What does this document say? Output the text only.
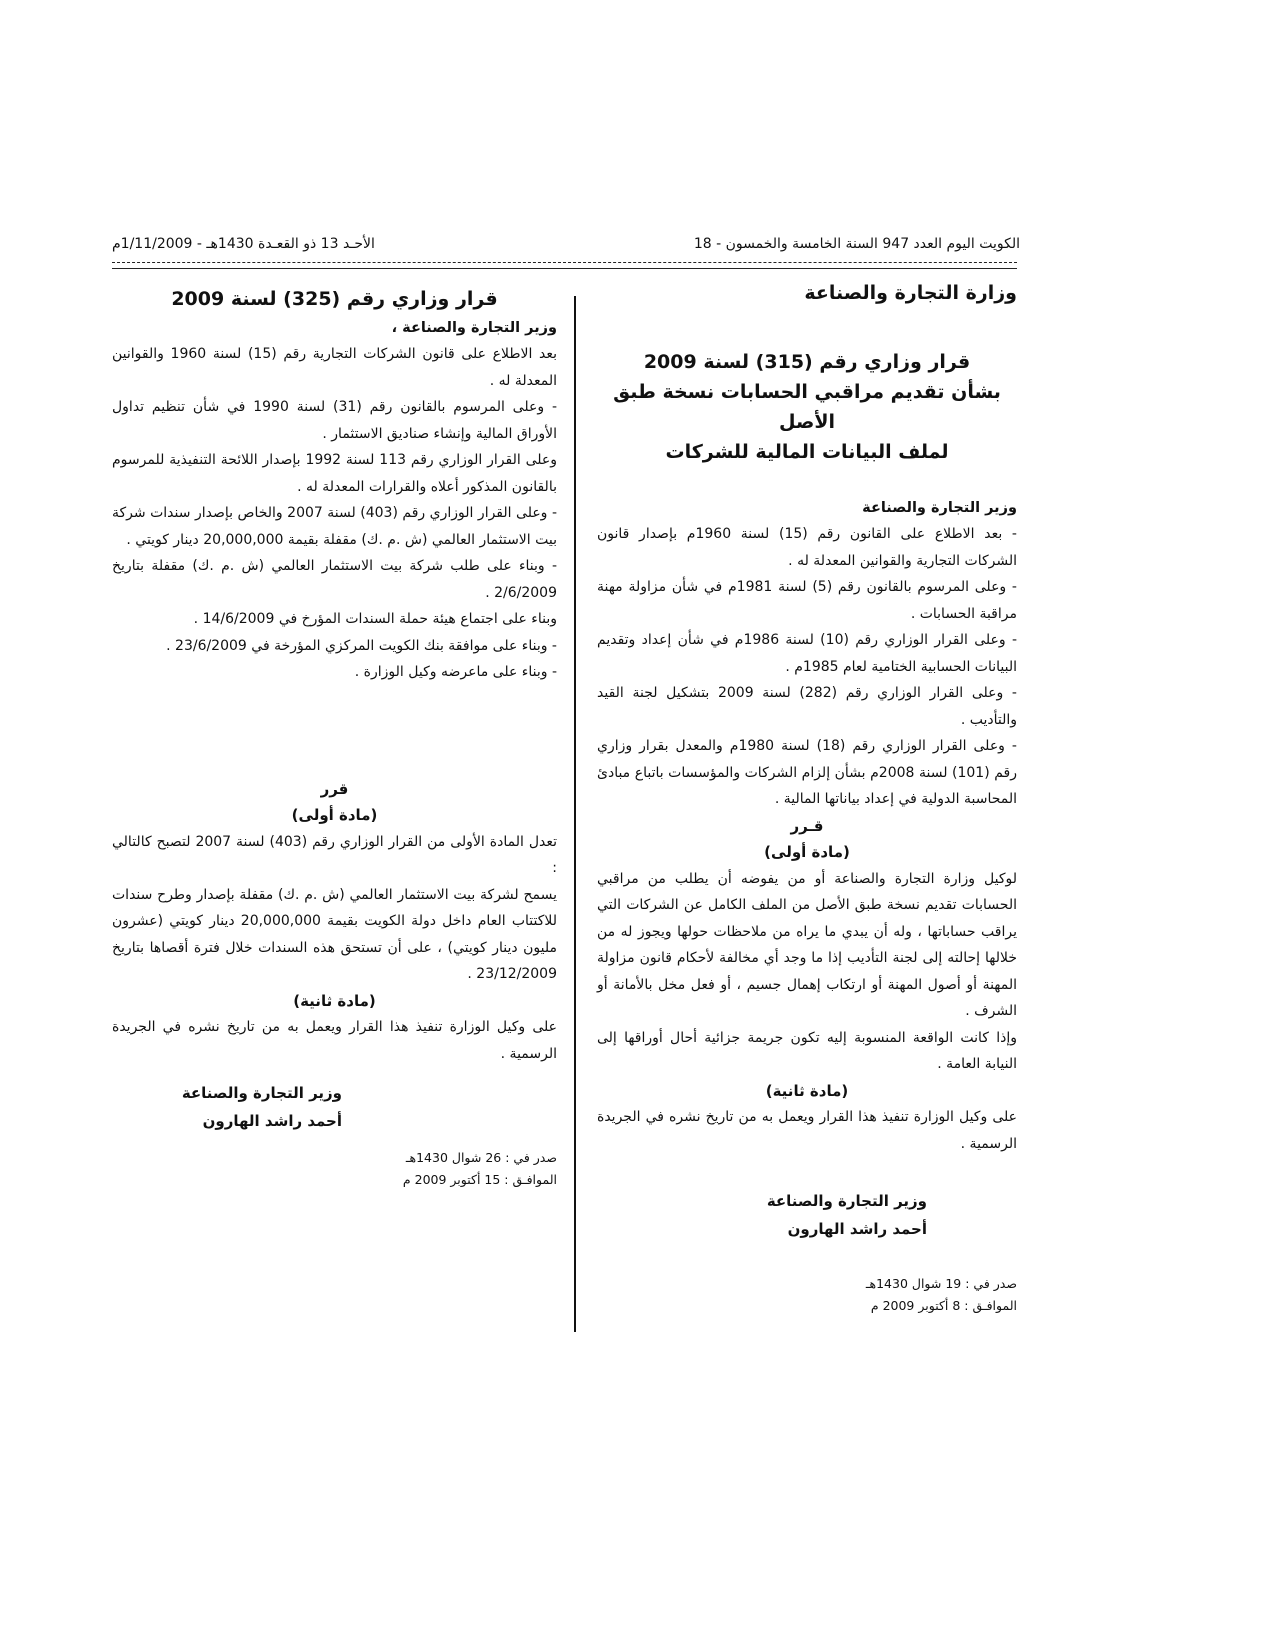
الكويت اليوم العدد 947 السنة الخامسة والخمسون - 18
الأحـد 13 ذو القعـدة 1430هـ - 1/11/2009م
وزارة التجارة والصناعة
قرار وزاري رقم (315) لسنة 2009
بشأن تقديم مراقبي الحسابات نسخة طبق الأصل
لملف البيانات المالية للشركات
وزير التجارة والصناعة

- بعد الاطلاع على القانون رقم (15) لسنة 1960م بإصدار قانون الشركات التجارية والقوانين المعدلة له .

- وعلى المرسوم بالقانون رقم (5) لسنة 1981م في شأن مزاولة مهنة مراقبة الحسابات .

- وعلى القرار الوزاري رقم (10) لسنة 1986م في شأن إعداد وتقديم البيانات الحسابية الختامية لعام 1985م .

- وعلى القرار الوزاري رقم (282) لسنة 2009 بتشكيل لجنة القيد والتأديب .

- وعلى القرار الوزاري رقم (18) لسنة 1980م والمعدل بقرار وزاري رقم (101) لسنة 2008م بشأن إلزام الشركات والمؤسسات باتباع مبادئ المحاسبة الدولية في إعداد بياناتها المالية .

قـرر

(مادة أولى)

لوكيل وزارة التجارة والصناعة أو من يفوضه أن يطلب من مراقبي الحسابات تقديم نسخة طبق الأصل من الملف الكامل عن الشركات التي يراقب حساباتها ، وله أن يبدي ما يراه من ملاحظات حولها ويجوز له من خلالها إحالته إلى لجنة التأديب إذا ما وجد أي مخالفة لأحكام قانون مزاولة المهنة أو أصول المهنة أو ارتكاب إهمال جسيم ، أو فعل مخل بالأمانة أو الشرف .

وإذا كانت الواقعة المنسوبة إليه تكون جريمة جزائية أحال أوراقها إلى النيابة العامة .

(مادة ثانية)

على وكيل الوزارة تنفيذ هذا القرار ويعمل به من تاريخ نشره في الجريدة الرسمية .

وزير التجارة والصناعة
أحمد راشد الهارون
صدر في : 19 شوال 1430هـ
الموافـق : 8 أكتوبر 2009 م
قرار وزاري رقم (325) لسنة 2009
وزير التجارة والصناعة ،

بعد الاطلاع على قانون الشركات التجارية رقم (15) لسنة 1960 والقوانين المعدلة له .

- وعلى المرسوم بالقانون رقم (31) لسنة 1990 في شأن تنظيم تداول الأوراق المالية وإنشاء صناديق الاستثمار .

وعلى القرار الوزاري رقم 113 لسنة 1992 بإصدار اللائحة التنفيذية للمرسوم بالقانون المذكور أعلاه والقرارات المعدلة له .

- وعلى القرار الوزاري رقم (403) لسنة 2007 والخاص بإصدار سندات شركة بيت الاستثمار العالمي (ش .م .ك) مقفلة بقيمة 20,000,000 دينار كويتي .

- وبناء على طلب شركة بيت الاستثمار العالمي (ش .م .ك) مقفلة بتاريخ 2/6/2009 .

وبناء على اجتماع هيئة حملة السندات المؤرخ في 14/6/2009 .

- وبناء على موافقة بنك الكويت المركزي المؤرخة في 23/6/2009 .

- وبناء على ماعرضه وكيل الوزارة .

قرر

(مادة أولى)

تعدل المادة الأولى من القرار الوزاري رقم (403) لسنة 2007 لتصبح كالتالي :

يسمح لشركة بيت الاستثمار العالمي (ش .م .ك) مقفلة بإصدار وطرح سندات للاكتتاب العام داخل دولة الكويت بقيمة 20,000,000 دينار كويتي (عشرون مليون دينار كويتي) ، على أن تستحق هذه السندات خلال فترة أقصاها بتاريخ 23/12/2009 .

(مادة ثانية)

على وكيل الوزارة تنفيذ هذا القرار ويعمل به من تاريخ نشره في الجريدة الرسمية .

وزير التجارة والصناعة
أحمد راشد الهارون
صدر في : 26 شوال 1430هـ
الموافـق : 15 أكتوبر 2009 م
